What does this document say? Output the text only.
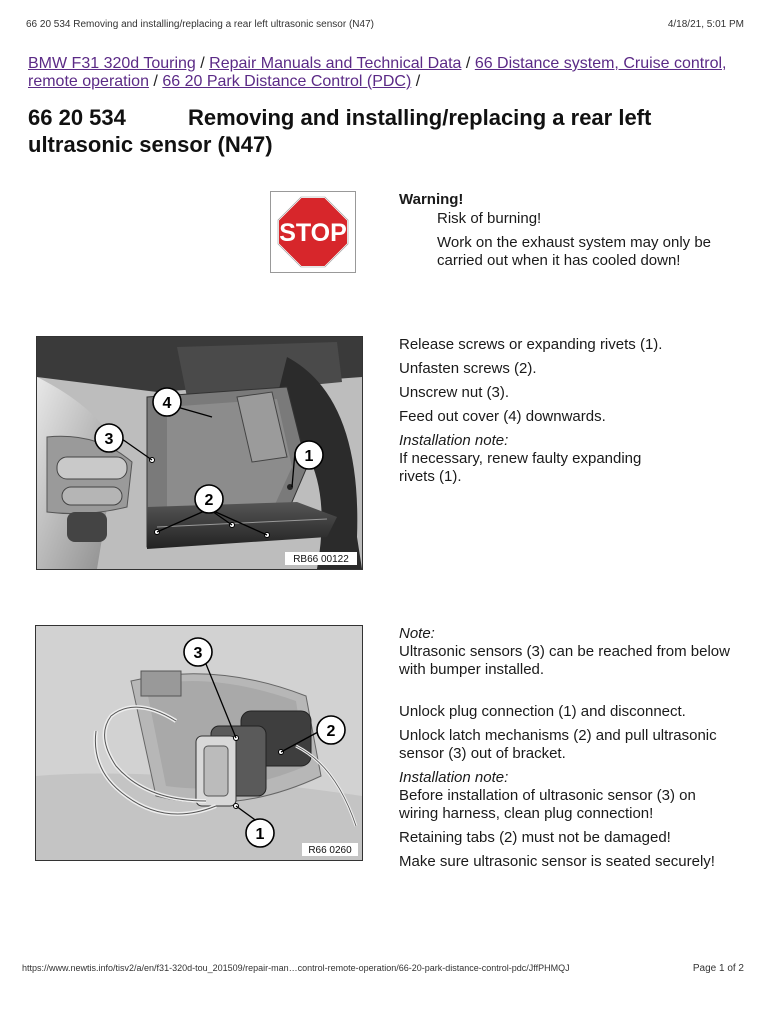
66 20 534 Removing and installing/replacing a rear left ultrasonic sensor (N47)	4/18/21, 5:01 PM
BMW F31 320d Touring / Repair Manuals and Technical Data / 66 Distance system, Cruise control, remote operation / 66 20 Park Distance Control (PDC) /
66 20 534	Removing and installing/replacing a rear left ultrasonic sensor (N47)
STOP
Warning!

Risk of burning!

Work on the exhaust system may only be carried out when it has cooled down!

4
3
1
2
RB66 00122

Release screws or expanding rivets (1).

Unfasten screws (2).

Unscrew nut (3).

Feed out cover (4) downwards.

Installation note:
If necessary, renew faulty expanding rivets (1).
3
2
1
R66 0260
Note:
Ultrasonic sensors (3) can be reached from below with bumper installed.

Unlock plug connection (1) and disconnect.

Unlock latch mechanisms (2) and pull ultrasonic sensor (3) out of bracket.

Installation note:

Before installation of ultrasonic sensor (3) on wiring harness, clean plug connection!

Retaining tabs (2) must not be damaged!

Make sure ultrasonic sensor is seated securely!

https://www.newtis.info/tisv2/a/en/f31-320d-tou_201509/repair-man…control-remote-operation/66-20-park-distance-control-pdc/JffPHMQJ	Page 1 of 2
